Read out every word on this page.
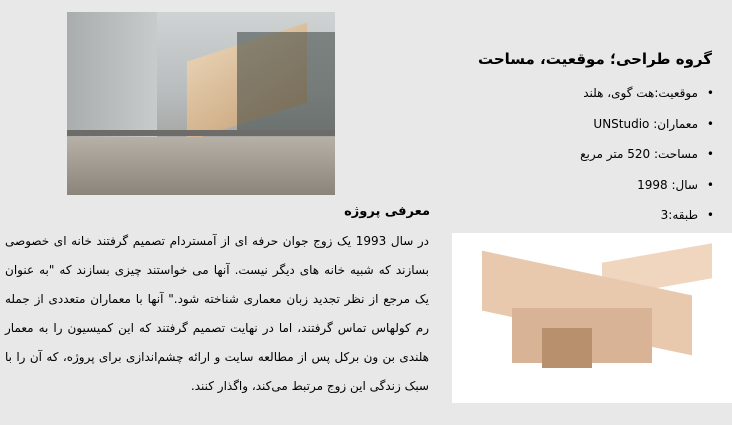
گروه طراحی؛ موقعیت، مساحت
• موقعیت:هت گوی، هلند
• معماران: UNStudio
• مساحت: 520 متر مربع
• سال: 1998
• طبقه:3
معرفی پروژه
در سال 1993 یک زوج جوان حرفه ای از آمستردام تصمیم گرفتند خانه ای خصوصی بسازند که شبیه خانه های دیگر نیست. آنها می خواستند چیزی بسازند که "به عنوان یک مرجع از نظر تجدید زبان معماری شناخته شود." آنها با معماران متعددی از جمله رم کولهاس تماس گرفتند، اما در نهایت تصمیم گرفتند که این کمیسیون را به معمار هلندی بن ون برکل پس از مطالعه سایت و ارائه چشم‌اندازی برای پروژه، که آن را با سبک زندگی این زوج مرتبط می‌کند، واگذار کنند.
